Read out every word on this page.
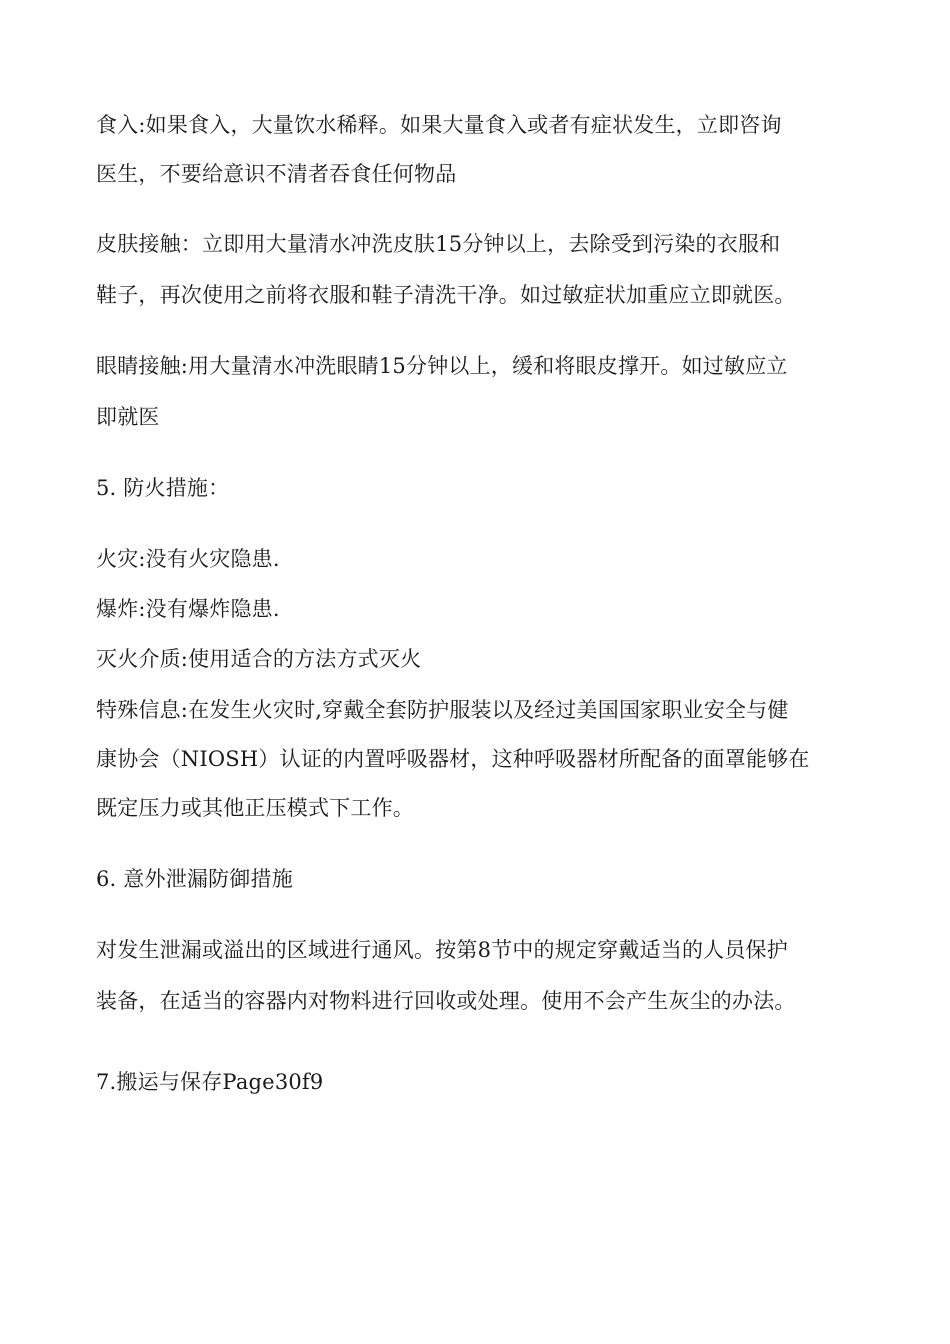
食入:如果食入，大量饮水稀释。如果大量食入或者有症状发生，立即咨询
医生，不要给意识不清者吞食任何物品
皮肤接触：立即用大量清水冲洗皮肤15分钟以上，去除受到污染的衣服和
鞋子，再次使用之前将衣服和鞋子清洗干净。如过敏症状加重应立即就医。
眼睛接触:用大量清水冲洗眼睛15分钟以上，缓和将眼皮撑开。如过敏应立
即就医
5. 防火措施：
火灾:没有火灾隐患.
爆炸:没有爆炸隐患.
灭火介质:使用适合的方法方式灭火
特殊信息:在发生火灾时,穿戴全套防护服装以及经过美国国家职业安全与健
康协会（NIOSH）认证的内置呼吸器材，这种呼吸器材所配备的面罩能够在
既定压力或其他正压模式下工作。
6. 意外泄漏防御措施
对发生泄漏或溢出的区域进行通风。按第8节中的规定穿戴适当的人员保护
装备，在适当的容器内对物料进行回收或处理。使用不会产生灰尘的办法。
7.搬运与保存Page30f9
